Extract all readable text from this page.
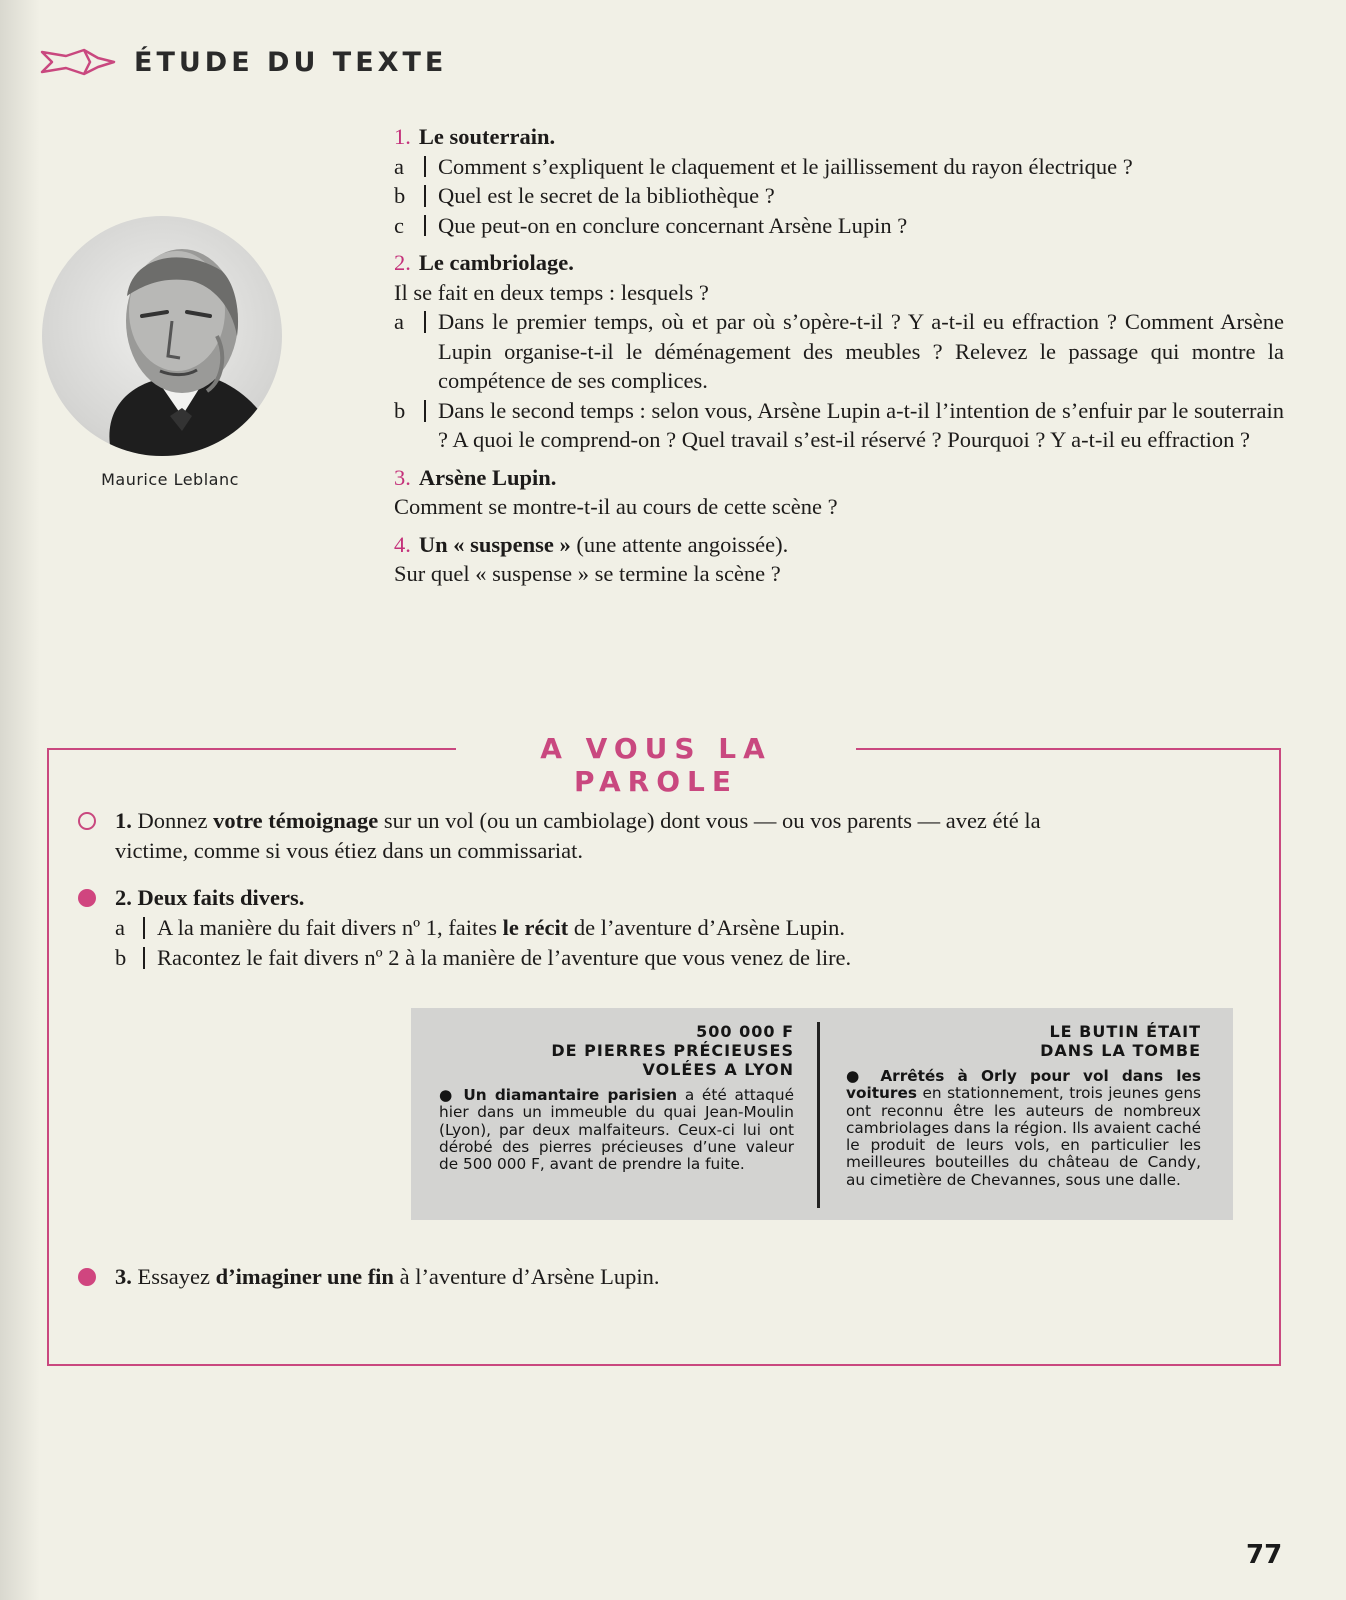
ÉTUDE DU TEXTE
Maurice Leblanc
1. Le souterrain.
a	Comment s’expliquent le claquement et le jaillissement du rayon électrique ?
b	Quel est le secret de la bibliothèque ?
c	Que peut-on en conclure concernant Arsène Lupin ?
2. Le cambriolage.
Il se fait en deux temps : lesquels ?
a	Dans le premier temps, où et par où s’opère-t-il ? Y a-t-il eu effraction ? Comment Arsène Lupin organise-t-il le déménagement des meubles ? Relevez le passage qui montre la compétence de ses complices.
b	Dans le second temps : selon vous, Arsène Lupin a-t-il l’intention de s’enfuir par le souterrain ? A quoi le comprend-on ? Quel travail s’est-il réservé ? Pourquoi ? Y a-t-il eu effraction ?
3. Arsène Lupin.
Comment se montre-t-il au cours de cette scène ?
4. Un « suspense » (une attente angoissée).
Sur quel « suspense » se termine la scène ?
A VOUS LA PAROLE
1. Donnez votre témoignage sur un vol (ou un cambiolage) dont vous — ou vos parents — avez été la victime, comme si vous étiez dans un commissariat.
2. Deux faits divers.
a	A la manière du fait divers nº 1, faites le récit de l’aventure d’Arsène Lupin.
b	Racontez le fait divers nº 2 à la manière de l’aventure que vous venez de lire.
500 000 F
DE PIERRES PRÉCIEUSES
VOLÉES A LYON
● Un diamantaire parisien a été attaqué hier dans un immeuble du quai Jean-Moulin (Lyon), par deux malfaiteurs. Ceux-ci lui ont dérobé des pierres précieuses d’une valeur de 500 000 F, avant de prendre la fuite.
LE BUTIN ÉTAIT
DANS LA TOMBE
● Arrêtés à Orly pour vol dans les voitures en stationnement, trois jeunes gens ont reconnu être les auteurs de nombreux cambriolages dans la région. Ils avaient caché le produit de leurs vols, en particulier les meilleures bouteilles du château de Candy, au cimetière de Chevannes, sous une dalle.
3. Essayez d’imaginer une fin à l’aventure d’Arsène Lupin.
77
